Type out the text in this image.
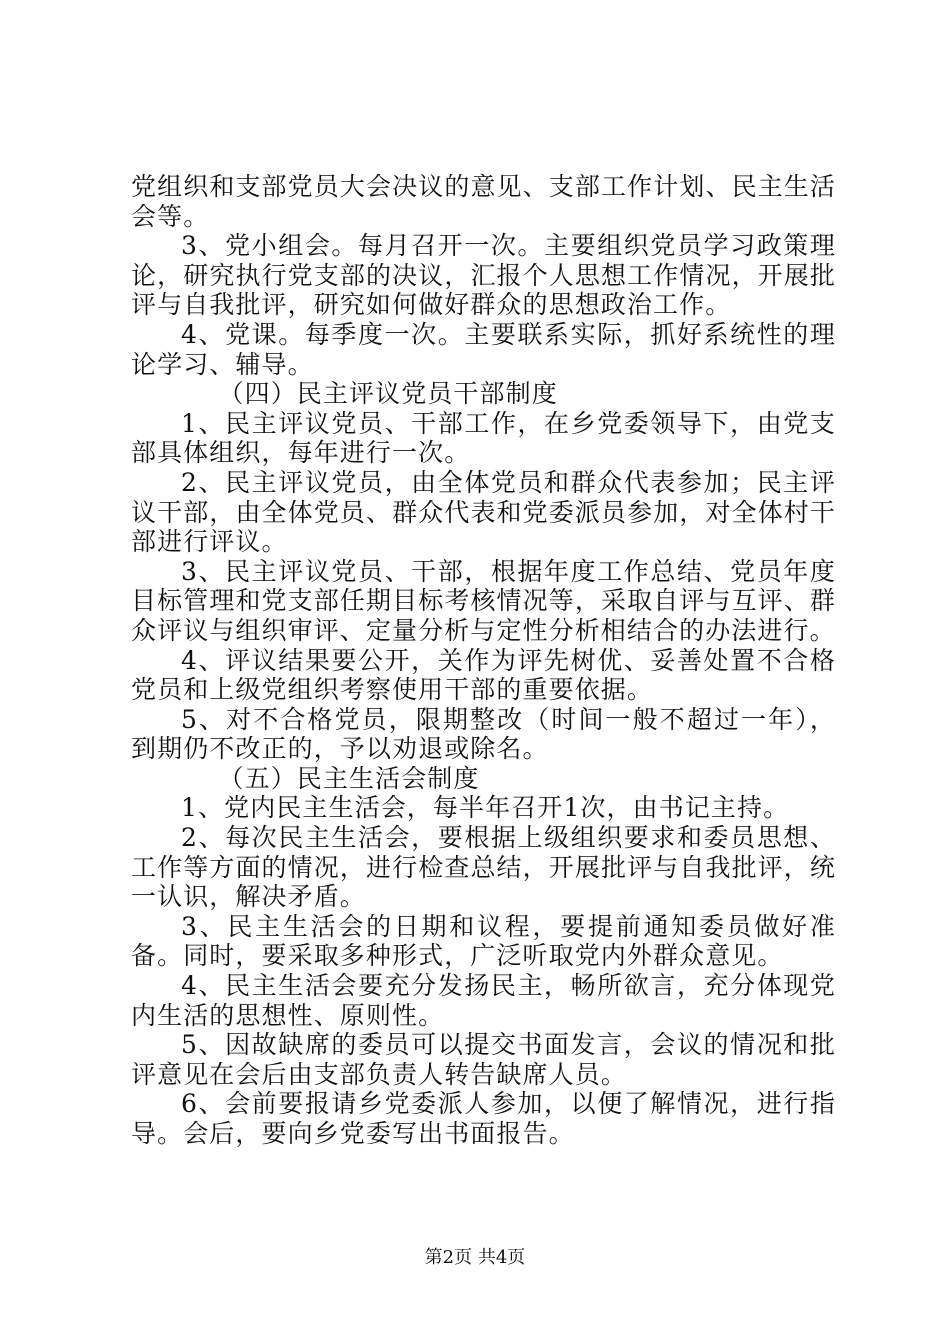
党组织和支部党员大会决议的意见、支部工作计划、民主生活会等。

3、党小组会。每月召开一次。主要组织党员学习政策理论，研究执行党支部的决议，汇报个人思想工作情况，开展批评与自我批评，研究如何做好群众的思想政治工作。

4、党课。每季度一次。主要联系实际，抓好系统性的理论学习、辅导。

（四）民主评议党员干部制度

1、民主评议党员、干部工作，在乡党委领导下，由党支部具体组织，每年进行一次。

2、民主评议党员，由全体党员和群众代表参加；民主评议干部，由全体党员、群众代表和党委派员参加，对全体村干部进行评议。

3、民主评议党员、干部，根据年度工作总结、党员年度目标管理和党支部任期目标考核情况等，采取自评与互评、群众评议与组织审评、定量分析与定性分析相结合的办法进行。

4、评议结果要公开，关作为评先树优、妥善处置不合格党员和上级党组织考察使用干部的重要依据。

5、对不合格党员，限期整改（时间一般不超过一年），到期仍不改正的，予以劝退或除名。

（五）民主生活会制度

1、党内民主生活会，每半年召开1次，由书记主持。

2、每次民主生活会，要根据上级组织要求和委员思想、工作等方面的情况，进行检查总结，开展批评与自我批评，统一认识，解决矛盾。

3、民主生活会的日期和议程，要提前通知委员做好准备。同时，要采取多种形式，广泛听取党内外群众意见。

4、民主生活会要充分发扬民主，畅所欲言，充分体现党内生活的思想性、原则性。

5、因故缺席的委员可以提交书面发言，会议的情况和批评意见在会后由支部负责人转告缺席人员。

6、会前要报请乡党委派人参加，以便了解情况，进行指导。会后，要向乡党委写出书面报告。

第2页 共4页
